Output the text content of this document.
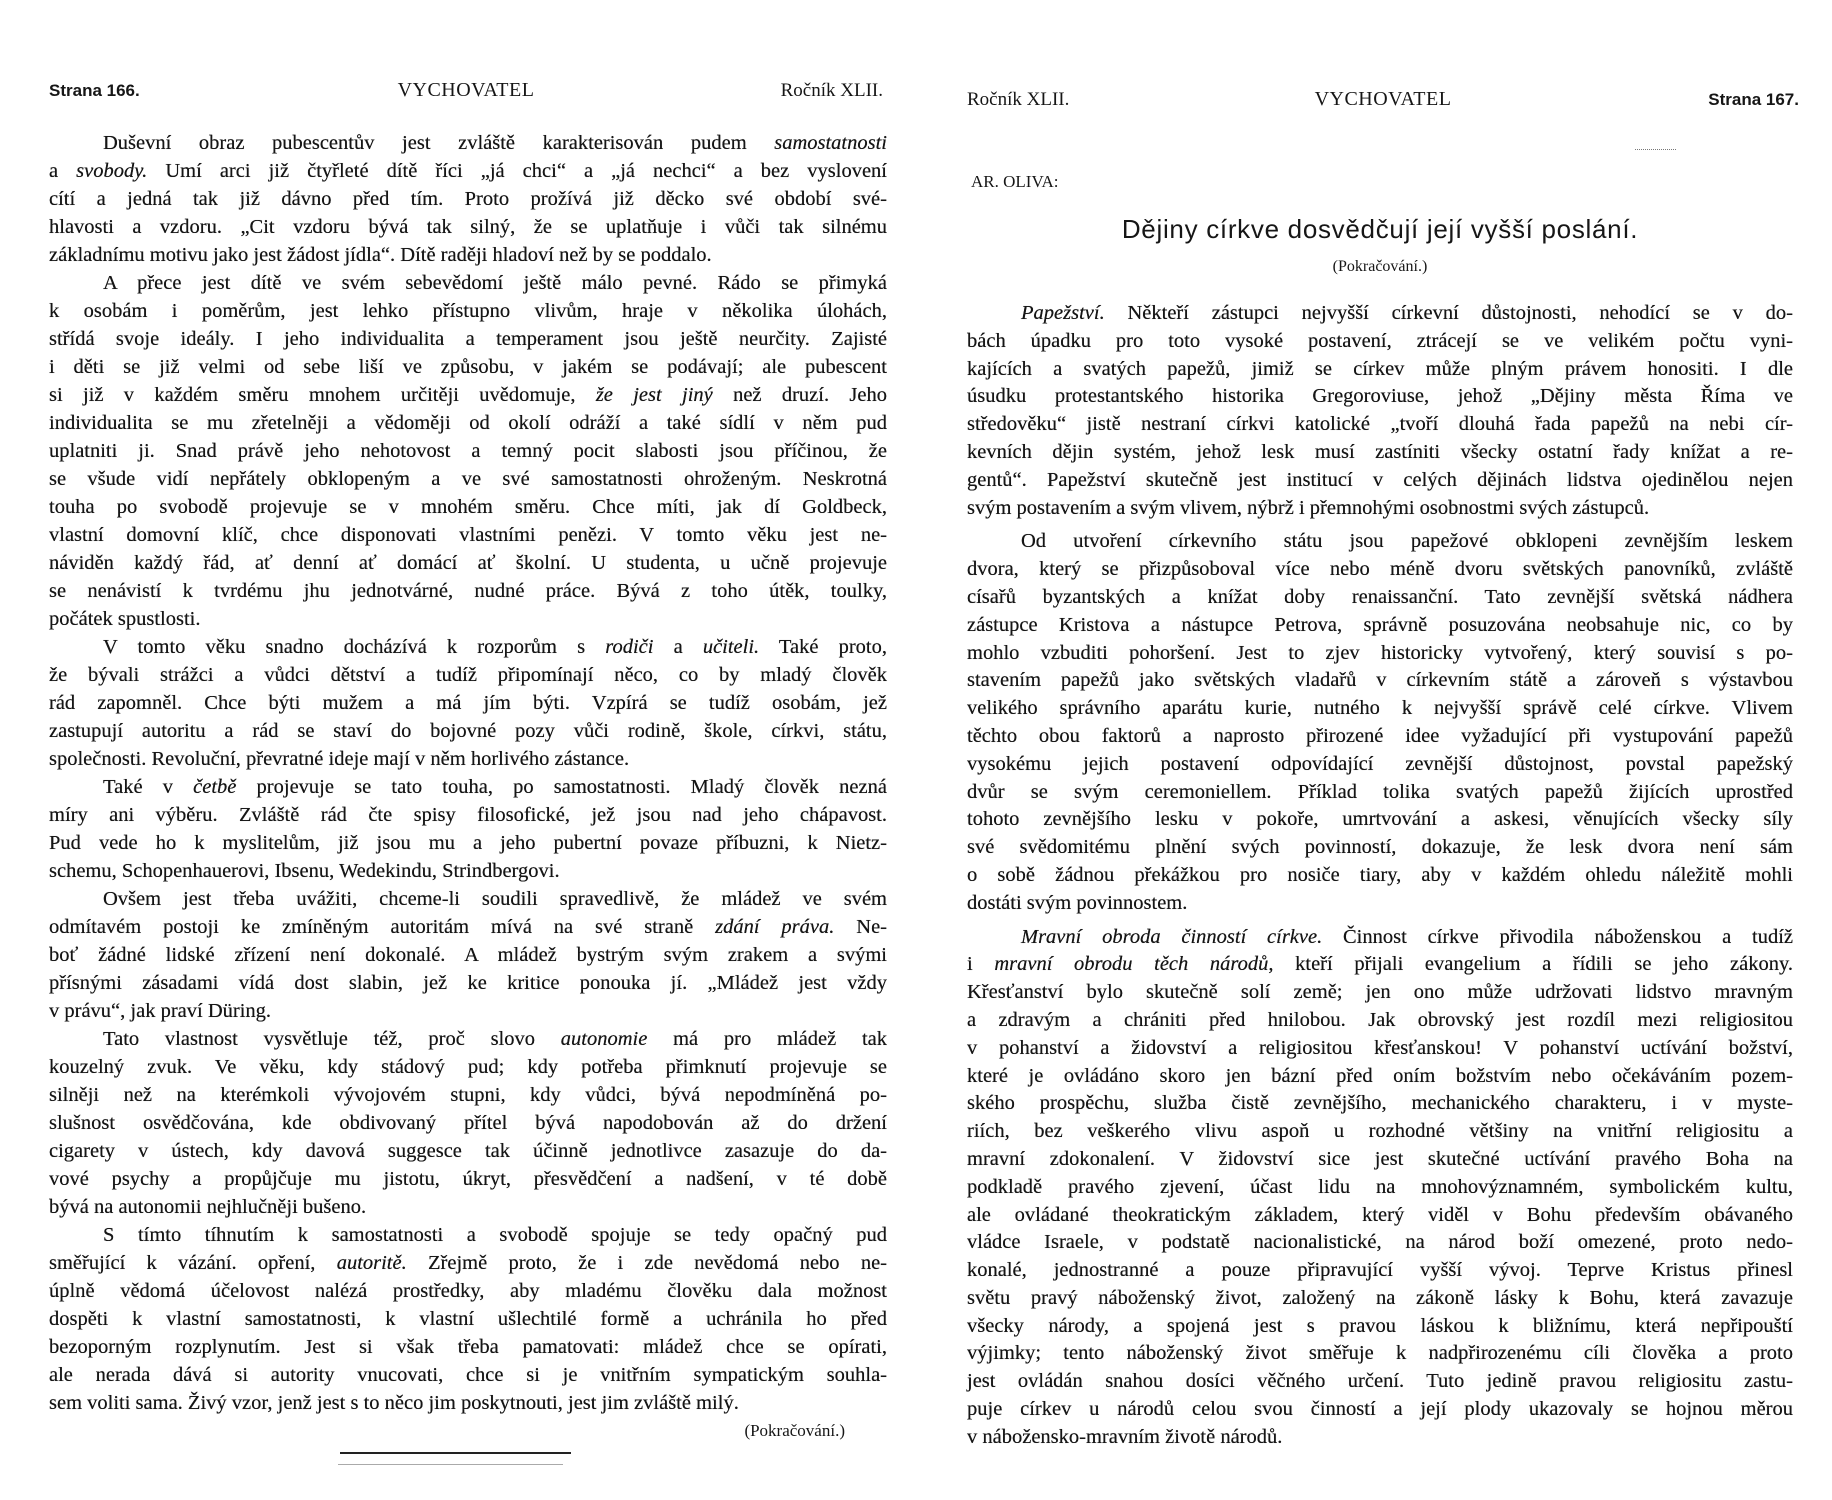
Strana 166.	VYCHOVATEL	Ročník XLII.
Duševní obraz pubescentův jest zvláště karakterisován pudem samostatnosti
a svobody. Umí arci již čtyřleté dítě říci „já chci“ a „já nechci“ a bez vyslovení
cítí a jedná tak již dávno před tím. Proto prožívá již děcko své období své-
hlavosti a vzdoru. „Cit vzdoru bývá tak silný, že se uplatňuje i vůči tak silnému
základnímu motivu jako jest žádost jídla“. Dítě raději hladoví než by se poddalo.
A přece jest dítě ve svém sebevědomí ještě málo pevné. Rádo se přimyká
k osobám i poměrům, jest lehko přístupno vlivům, hraje v několika úlohách,
střídá svoje ideály. I jeho individualita a temperament jsou ještě neurčity. Zajisté
i děti se již velmi od sebe liší ve způsobu, v jakém se podávají; ale pubescent
si již v každém směru mnohem určitěji uvědomuje, že jest jiný než druzí. Jeho
individualita se mu zřetelněji a vědoměji od okolí odráží a také sídlí v něm pud
uplatniti ji. Snad právě jeho nehotovost a temný pocit slabosti jsou příčinou, že
se všude vidí nepřátely obklopeným a ve své samostatnosti ohroženým. Neskrotná
touha po svobodě projevuje se v mnohém směru. Chce míti, jak dí Goldbeck,
vlastní domovní klíč, chce disponovati vlastními penězi. V tomto věku jest ne-
náviděn každý řád, ať denní ať domácí ať školní. U studenta, u učně projevuje
se nenávistí k tvrdému jhu jednotvárné, nudné práce. Bývá z toho útěk, toulky,
počátek spustlosti.
V tomto věku snadno docházívá k rozporům s rodiči a učiteli. Také proto,
že bývali strážci a vůdci dětství a tudíž připomínají něco, co by mladý člověk
rád zapomněl. Chce býti mužem a má jím býti. Vzpírá se tudíž osobám, jež
zastupují autoritu a rád se staví do bojovné pozy vůči rodině, škole, církvi, státu,
společnosti. Revoluční, převratné ideje mají v něm horlivého zástance.
Také v četbě projevuje se tato touha, po samostatnosti. Mladý člověk nezná
míry ani výběru. Zvláště rád čte spisy filosofické, jež jsou nad jeho chápavost.
Pud vede ho k myslitelům, již jsou mu a jeho pubertní povaze příbuzni, k Nietz-
schemu, Schopenhauerovi, Ibsenu, Wedekindu, Strindbergovi.
Ovšem jest třeba uvážiti, chceme-li soudili spravedlivě, že mládež ve svém
odmítavém postoji ke zmíněným autoritám mívá na své straně zdání práva. Ne-
boť žádné lidské zřízení není dokonalé. A mládež bystrým svým zrakem a svými
přísnými zásadami vídá dost slabin, jež ke kritice ponouka jí. „Mládež jest vždy
v právu“, jak praví Düring.
Tato vlastnost vysvětluje též, proč slovo autonomie má pro mládež tak
kouzelný zvuk. Ve věku, kdy stádový pud; kdy potřeba přimknutí projevuje se
silněji než na kterémkoli vývojovém stupni, kdy vůdci, bývá nepodmíněná po-
slušnost osvědčována, kde obdivovaný přítel bývá napodobován až do držení
cigarety v ústech, kdy davová suggesce tak účinně jednotlivce zasazuje do da-
vové psychy a propůjčuje mu jistotu, úkryt, přesvědčení a nadšení, v té době
bývá na autonomii nejhlučněji bušeno.
S tímto tíhnutím k samostatnosti a svobodě spojuje se tedy opačný pud
směřující k vázání. opření, autoritě. Zřejmě proto, že i zde nevědomá nebo ne-
úplně vědomá účelovost nalézá prostředky, aby mladému člověku dala možnost
dospěti k vlastní samostatnosti, k vlastní ušlechtilé formě a uchránila ho před
bezoporným rozplynutím. Jest si však třeba pamatovati: mládež chce se opírati,
ale nerada dává si autority vnucovati, chce si je vnitřním sympatickým souhla-
sem voliti sama. Živý vzor, jenž jest s to něco jim poskytnouti, jest jim zvláště milý.
(Pokračování.)
Ročník XLII.	VYCHOVATEL	Strana 167.
AR. OLIVA:
Dějiny církve dosvědčují její vyšší poslání.
(Pokračování.)
Papežství. Někteří zástupci nejvyšší církevní důstojnosti, nehodící se v do-
bách úpadku pro toto vysoké postavení, ztrácejí se ve velikém počtu vyni-
kajících a svatých papežů, jimiž se církev může plným právem honositi. I dle
úsudku protestantského historika Gregoroviuse, jehož „Dějiny města Říma ve
středověku“ jistě nestraní církvi katolické „tvoří dlouhá řada papežů na nebi cír-
kevních dějin systém, jehož lesk musí zastíniti všecky ostatní řady knížat a re-
gentů“. Papežství skutečně jest institucí v celých dějinách lidstva ojedinělou nejen
svým postavením a svým vlivem, nýbrž i přemnohými osobnostmi svých zástupců.
Od utvoření církevního státu jsou papežové obklopeni zevnějším leskem
dvora, který se přizpůsoboval více nebo méně dvoru světských panovníků, zvláště
císařů byzantských a knížat doby renaissanční. Tato zevnější světská nádhera
zástupce Kristova a nástupce Petrova, správně posuzována neobsahuje nic, co by
mohlo vzbuditi pohoršení. Jest to zjev historicky vytvořený, který souvisí s po-
stavením papežů jako světských vladařů v církevním státě a zároveň s výstavbou
velikého správního aparátu kurie, nutného k nejvyšší správě celé církve. Vlivem
těchto obou faktorů a naprosto přirozené idee vyžadující při vystupování papežů
vysokému jejich postavení odpovídající zevnější důstojnost, povstal papežský
dvůr se svým ceremoniellem. Příklad tolika svatých papežů žijících uprostřed
tohoto zevnějšího lesku v pokoře, umrtvování a askesi, věnujících všecky síly
své svědomitému plnění svých povinností, dokazuje, že lesk dvora není sám
o sobě žádnou překážkou pro nosiče tiary, aby v každém ohledu náležitě mohli
dostáti svým povinnostem.
Mravní obroda činností církve. Činnost církve přivodila náboženskou a tudíž
i mravní obrodu těch národů, kteří přijali evangelium a řídili se jeho zákony.
Křesťanství bylo skutečně solí země; jen ono může udržovati lidstvo mravným
a zdravým a chrániti před hnilobou. Jak obrovský jest rozdíl mezi religiositou
v pohanství a židovství a religiositou křesťanskou! V pohanství uctívání božství,
které je ovládáno skoro jen bázní před oním božstvím nebo očekáváním pozem-
ského prospěchu, služba čistě zevnějšího, mechanického charakteru, i v myste-
riích, bez veškerého vlivu aspoň u rozhodné většiny na vnitřní religiositu a
mravní zdokonalení. V židovství sice jest skutečné uctívání pravého Boha na
podkladě pravého zjevení, účast lidu na mnohovýznamném, symbolickém kultu,
ale ovládané theokratickým základem, který viděl v Bohu především obávaného
vládce Israele, v podstatě nacionalistické, na národ boží omezené, proto nedo-
konalé, jednostranné a pouze připravující vyšší vývoj. Teprve Kristus přinesl
světu pravý náboženský život, založený na zákoně lásky k Bohu, která zavazuje
všecky národy, a spojená jest s pravou láskou k bližnímu, která nepřipouští
výjimky; tento náboženský život směřuje k nadpřirozenému cíli člověka a proto
jest ovládán snahou dosíci věčného určení. Tuto jedině pravou religiositu zastu-
puje církev u národů celou svou činností a její plody ukazovaly se hojnou měrou
v nábožensko-mravním životě národů.
